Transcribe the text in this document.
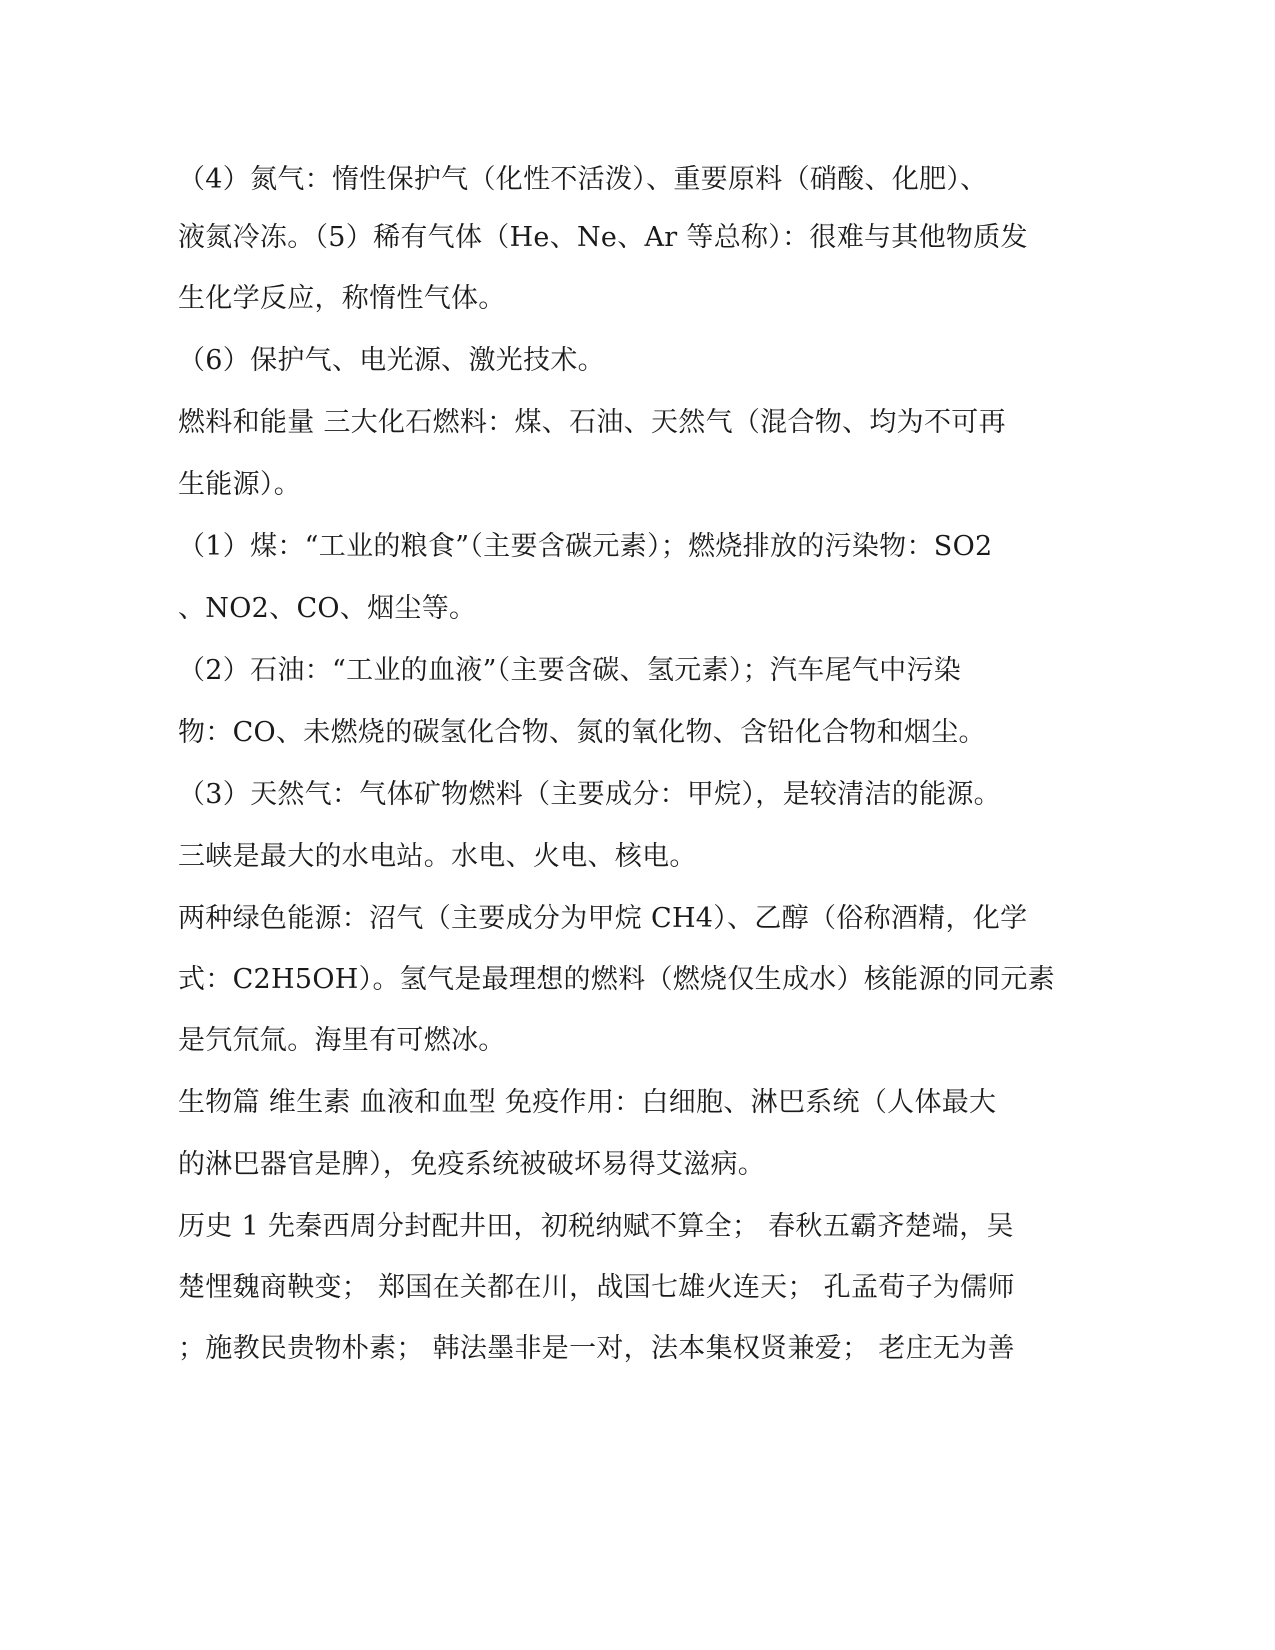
（4）氮气：惰性保护气（化性不活泼）、重要原料（硝酸、化肥）、
液氮冷冻。（5）稀有气体（He、Ne、Ar 等总称）：很难与其他物质发
生化学反应，称惰性气体。
（6）保护气、电光源、激光技术。
燃料和能量 三大化石燃料：煤、石油、天然气（混合物、均为不可再
生能源）。
（1）煤：“工业的粮食”（主要含碳元素）；燃烧排放的污染物：SO2
、NO2、CO、烟尘等。
（2）石油：“工业的血液”（主要含碳、氢元素）；汽车尾气中污染
物：CO、未燃烧的碳氢化合物、氮的氧化物、含铅化合物和烟尘。
（3）天然气：气体矿物燃料（主要成分：甲烷），是较清洁的能源。
三峡是最大的水电站。水电、火电、核电。
两种绿色能源：沼气（主要成分为甲烷 CH4）、乙醇（俗称酒精，化学
式：C2H5OH）。氢气是最理想的燃料（燃烧仅生成水）核能源的同元素
是氕氘氚。海里有可燃冰。
生物篇 维生素 血液和血型 免疫作用：白细胞、淋巴系统（人体最大
的淋巴器官是脾），免疫系统被破坏易得艾滋病。
历史 1 先秦西周分封配井田，初税纳赋不算全； 春秋五霸齐楚端，吴
楚悝魏商鞅变； 郑国在关都在川，战国七雄火连天； 孔孟荀子为儒师
；施教民贵物朴素； 韩法墨非是一对，法本集权贤兼爱； 老庄无为善
